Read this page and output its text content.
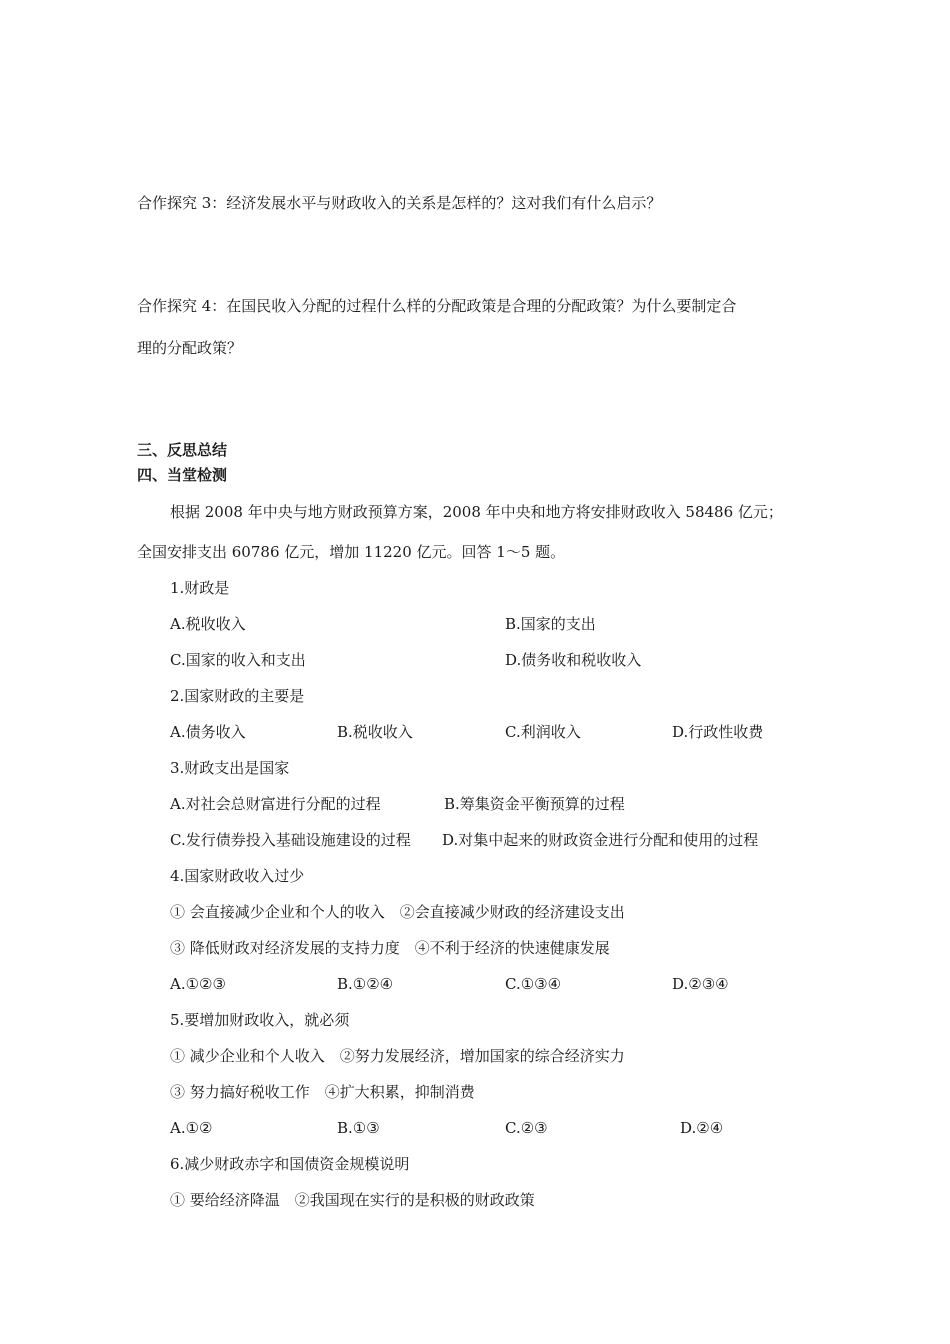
合作探究 3：经济发展水平与财政收入的关系是怎样的？这对我们有什么启示？
合作探究 4：在国民收入分配的过程什么样的分配政策是合理的分配政策？为什么要制定合
理的分配政策？
三、反思总结
四、当堂检测
根据 2008 年中央与地方财政预算方案，2008 年中央和地方将安排财政收入 58486 亿元；
全国安排支出 60786 亿元，增加 11220 亿元。回答 1～5 题。
1.财政是
A.税收收入	B.国家的支出
C.国家的收入和支出	D.债务收和税收收入
2.国家财政的主要是
A.债务收入	B.税收收入	C.利润收入	D.行政性收费
3.财政支出是国家
A.对社会总财富进行分配的过程	B.筹集资金平衡预算的过程
C.发行债券投入基础设施建设的过程 D.对集中起来的财政资金进行分配和使用的过程
4.国家财政收入过少
① 会直接减少企业和个人的收入　②会直接减少财政的经济建设支出
③ 降低财政对经济发展的支持力度　④不利于经济的快速健康发展
A.①②③	B.①②④	C.①③④	D.②③④
5.要增加财政收入，就必须
① 减少企业和个人收入　②努力发展经济，增加国家的综合经济实力
③ 努力搞好税收工作　④扩大积累，抑制消费
A.①②	B.①③	C.②③	D.②④
6.减少财政赤字和国债资金规模说明
① 要给经济降温　②我国现在实行的是积极的财政政策
